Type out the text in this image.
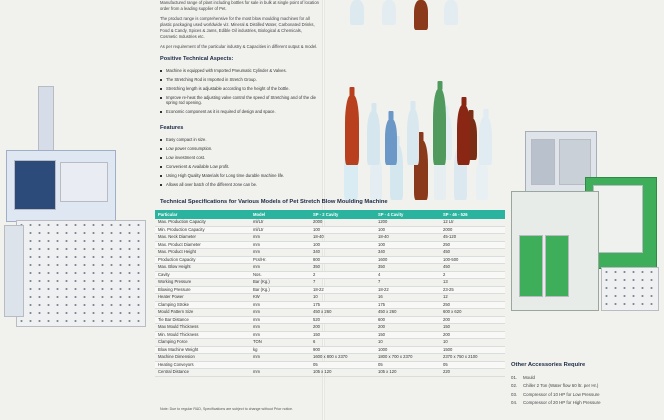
Manufactured range of plant including bottles for sale in bulk at single point of location order from a leading supplier of Pet.

The product range is comprehensive for the most blow moulding machines for all plastic packaging used worldwide viz. Mineral & Distilled Water, Carbonated Drinks, Food & Candy, Spices & Jams, Edible Oil industries, Biological & Chemicals, Cosmetic Industries etc.

As per requirement of the particular industry & Capacities in different output & model.

Positive Technical Aspects:
Machine is equipped with Imported Pneumatic Cylinder & Valves.
The Stretching Rod is Imported in Stretch Group.
Stretching length is adjustable according to the height of the bottle.
Improve re-heat the adjusting valve control the speed of Stretching and of the die spring rod opening.
Economic component as it is required of design and space.
Features
Easy compact in size.
Low power consumption.
Low investment cost.
Convenient & Available Low profit.
Using High Quality Materials for Long time durable machine life.
Allows all over batch of the different zone can be.
Technical Specifications for Various Models of Pet Stretch Blow Moulding Machine
Particular	Model	SP - 2 Cavity	SP - 4 Cavity	SP - 46 - 526
Max. Production Capacity	ml/Ltr	2000	1200	12 Ltr
Min. Production Capacity	ml/Ltr	100	100	2000
Max. Neck Diameter	mm	18-40	18-40	45-120
Max. Product Diameter	mm	100	100	250
Max. Product Height	mm	340	340	450
Production Capacity	Pcs/Hr.	800	1600	100-500
Max. Blow Height	mm	350	350	450
Cavity	Nos.	2	4	2
Working Pressure	Bar (Kg.)	7	7	13
Blowing Pressure	Bar (Kg.)	18-22	18-22	23-25
Heater Power	KW	10	16	12
Clamping Stroke	mm	175	175	250
Mould Pattern Size	mm	450 x 260	450 x 260	600 x 620
Tie Bar Distance	mm	520	600	200
Max Mould Thickness	mm	200	200	150
Min. Mould Thickness	mm	150	150	200
Clamping Force	TON	6	10	10
Blow Machine Weight	kg	900	1000	1500
Machine Dimension	mm	1600 x 800 x 2370	1800 x 700 x 2370	2370 x 750 x 2100
Heating Conveyors		05	05	05
Central Distance	mm	105 x 120	105 x 120	220
Note: Due to regular R&D, Specifications are subject to change without Prior notice.
Other Accessories Require
01. Mould
02. Chiller 2 Ton (Water flow 60 ltr. per Hr.)
03. Compressor of 10 HP for Low Pressure
04. Compressor of 20 HP for High Pressure
